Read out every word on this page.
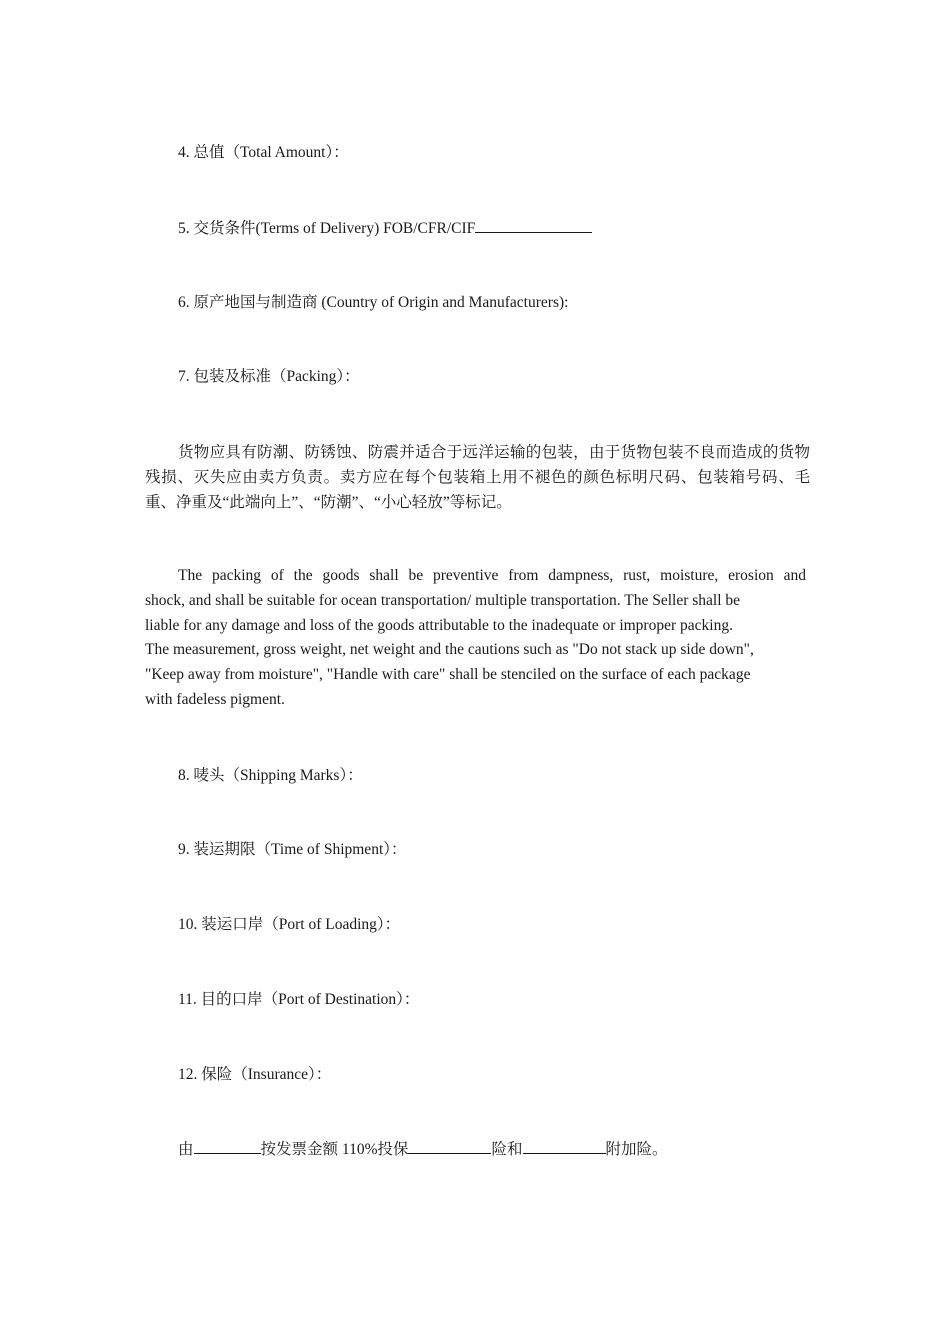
4. 总值（Total Amount）：
5. 交货条件(Terms of Delivery) FOB/CFR/CIF
6. 原产地国与制造商 (Country of Origin and Manufacturers):
7. 包装及标准（Packing）：
货物应具有防潮、防锈蚀、防震并适合于远洋运输的包装，由于货物包装不良而造成的货物残损、灭失应由卖方负责。卖方应在每个包装箱上用不褪色的颜色标明尺码、包装箱号码、毛重、净重及“此端向上”、“防潮”、“小心轻放”等标记。
The packing of the goods shall be preventive from dampness, rust, moisture, erosion and
shock, and shall be suitable for ocean transportation/ multiple transportation. The Seller shall be
liable for any damage and loss of the goods attributable to the inadequate or improper packing.
The measurement, gross weight, net weight and the cautions such as "Do not stack up side down",
"Keep away from moisture", "Handle with care" shall be stenciled on the surface of each package
with fadeless pigment.
8. 唛头（Shipping Marks）：
9. 装运期限（Time of Shipment）：
10. 装运口岸（Port of Loading）：
11. 目的口岸（Port of Destination）：
12. 保险（Insurance）：
由	按发票金额 110%投保	险和	附加险。
